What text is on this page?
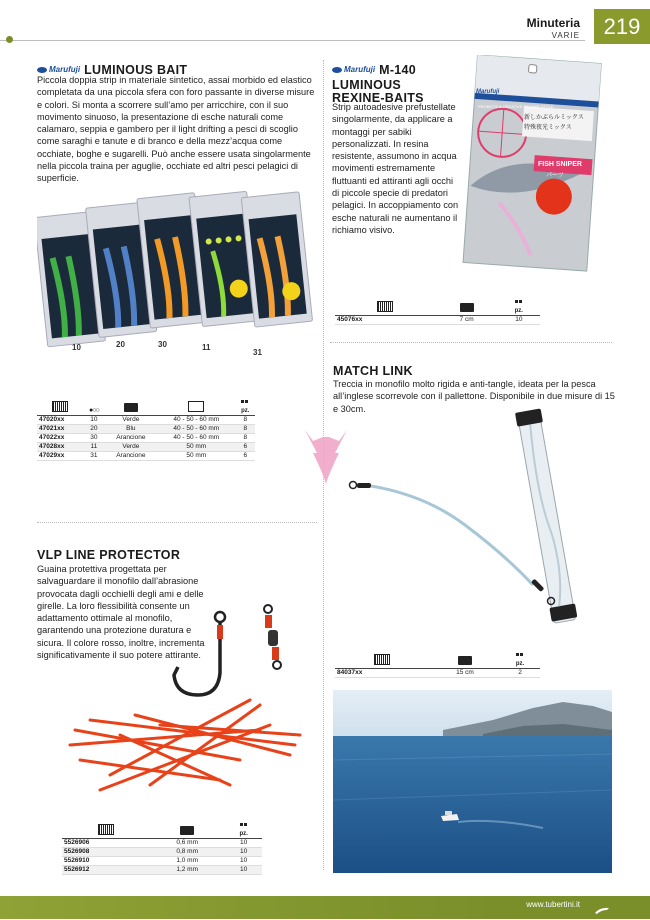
Minuteria
VARIE	219
Marufuji LUMINOUS BAIT
Piccola doppia strip in materiale sintetico, assai morbido ed elastico completata da una piccola sfera con foro passante in diverse misure e colori. Si monta a scorrere sull’amo per arricchire, con il suo movimento sinuoso, la presentazione di esche naturali come calamaro, seppia e gambero per il light drifting a pesci di scoglio come saraghi e tanute e di branco e della mezz’acqua come occhiate, boghe e sugarelli. Può anche essere usata singolarmente nella piccola traina per aguglie, occhiate ed altri pesci pelagici di superficie.
10	20	30	11
31
	●○○			pz.
47020xx	10	Verde	40 - 50 - 60 mm	8
47021xx	20	Blu	40 - 50 - 60 mm	8
47022xx	30	Arancione	40 - 50 - 60 mm	8
47028xx	11	Verde	50 mm	6
47029xx	31	Arancione	50 mm	6
VLP LINE PROTECTOR
Guaina protettiva progettata per salvaguardare il monofilo dall’abrasione provocata dagli occhielli degli ami e delle girelle. La loro flessibilità consente un adattamento ottimale al monofilo, garantendo una protezione duratura e sicura. Il colore rosso, inoltre, incrementa significativamente il suo potere attirante.

pz.
5526906	0,6 mm	10
5526908	0,8 mm	10
5526910	1,0 mm	10
5526912	1,2 mm	10
Marufuji M-140
LUMINOUS
REXINE-BAITS
Strip autoadesive prefustellate singolarmente, da applicare a montaggi per sabiki personalizzati. In resina resistente, assumono in acqua movimenti estremamente fluttuanti ed attiranti agli occhi di piccole specie di predatori pelagici. In accoppiamento con esche naturali ne aumentano il richiamo visivo.
Marufuji
PROMOTE A CREATIVE FISHING STYLE
新しかぶらルミックス
特殊夜光ミックス
FISH SNIPER
パーツ

pz.
45076xx	7 cm	10
MATCH LINK
Treccia in monofilo molto rigida e anti-tangle, ideata per la pesca all’inglese scorrevole con il pallettone. Disponibile in due misure di 15 e 30cm.

pz.
84037xx	15 cm	2
www.tubertini.it
